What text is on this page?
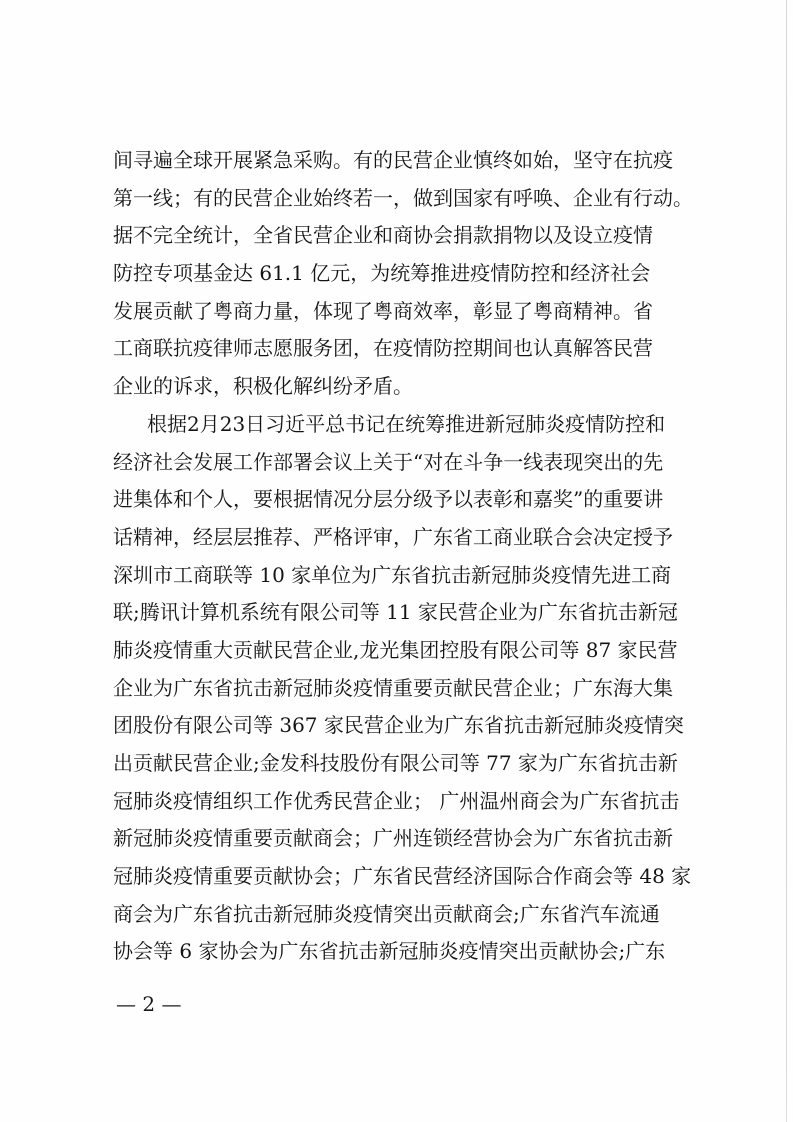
间寻遍全球开展紧急采购。有的民营企业慎终如始，坚守在抗疫
第一线；有的民营企业始终若一，做到国家有呼唤、企业有行动。
据不完全统计，全省民营企业和商协会捐款捐物以及设立疫情
防控专项基金达 61.1 亿元，为统筹推进疫情防控和经济社会
发展贡献了粤商力量，体现了粤商效率，彰显了粤商精神。省
工商联抗疫律师志愿服务团，在疫情防控期间也认真解答民营
企业的诉求，积极化解纠纷矛盾。
根据2月23日习近平总书记在统筹推进新冠肺炎疫情防控和
经济社会发展工作部署会议上关于“对在斗争一线表现突出的先
进集体和个人，要根据情况分层分级予以表彰和嘉奖”的重要讲
话精神，经层层推荐、严格评审，广东省工商业联合会决定授予
深圳市工商联等 10 家单位为广东省抗击新冠肺炎疫情先进工商
联;腾讯计算机系统有限公司等 11 家民营企业为广东省抗击新冠
肺炎疫情重大贡献民营企业,龙光集团控股有限公司等 87 家民营
企业为广东省抗击新冠肺炎疫情重要贡献民营企业；广东海大集
团股份有限公司等 367 家民营企业为广东省抗击新冠肺炎疫情突
出贡献民营企业;金发科技股份有限公司等 77 家为广东省抗击新
冠肺炎疫情组织工作优秀民营企业； 广州温州商会为广东省抗击
新冠肺炎疫情重要贡献商会；广州连锁经营协会为广东省抗击新
冠肺炎疫情重要贡献协会；广东省民营经济国际合作商会等 48 家
商会为广东省抗击新冠肺炎疫情突出贡献商会;广东省汽车流通
协会等 6 家协会为广东省抗击新冠肺炎疫情突出贡献协会;广东
— 2 —
